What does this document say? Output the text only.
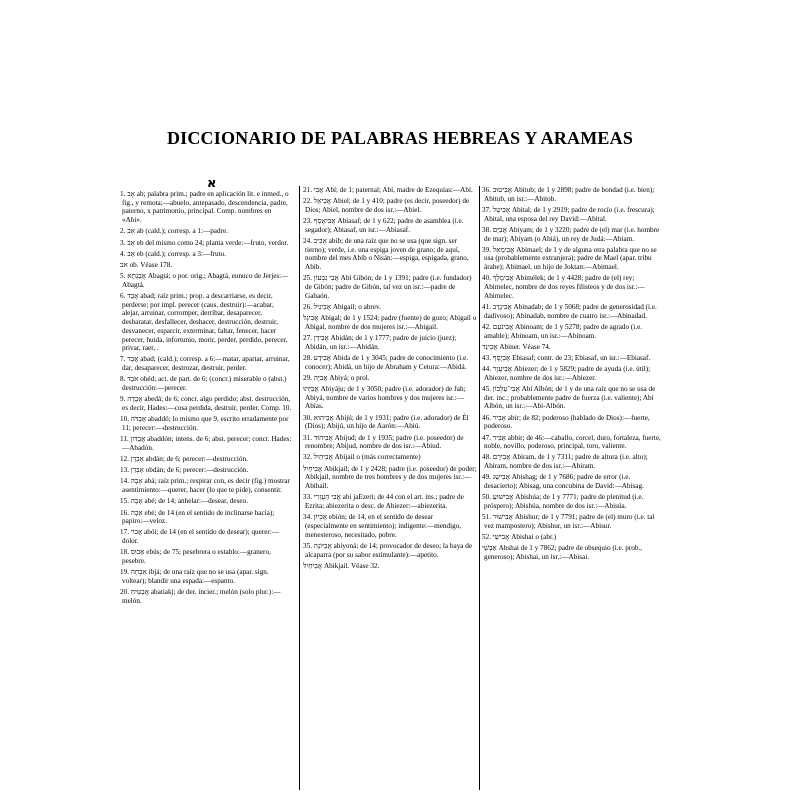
DICCIONARIO DE PALABRAS HEBREAS Y ARAMEAS
א
1. אָב ab; palabra prim.; padre en aplicación lit. e inmed., o fig., y remota;—abuelo, antepasado, descendencia, padre, paterno, x patrimonio, principal. Comp. nombres en «Abi».
2. אַב ab (cald.); corresp. a 1:—padre.
3. אֵב eb del mismo como 24; planta verde:—fruto, verdor.
4. אֵב eb (cald.); corresp. a 3:—fruto.
אֹב ob. Véase 178.
5. אֲבַגְתָא Abagtá; o por. orig.; Abagtá, eunuco de Jerjes:—Abagtá.
6. אָבַד abad; raíz prim.; prop. a descarriarse, es decir, perderse; por impl. perecer (caus. destruir):—acabar, alejar, arruinar, corromper, derribar, desaparecer, desbaratar, desfallecer, deshacer, destrucción, destruir, desvanecer, esparcir, exterminar, faltar, fenecer, hacer perecer, huida, infortunio, morir, perder, perdido, perecer, privar, raer, .
7. אֲבַד abad; (cald.); corresp. a 6:—matar, apartar, arruinar, dar, desaparecer, destrozar, destruir, perder.
8. אֹבֵד obéd; act. de part. de 6; (concr.) miserable o (abst.) destrucción:—perecer.
9. אֲבֵדָה abedá; de 6; concr. algo perdido; abst. destrucción, es decir, Hades:—cosa perdida, destruir, perder. Comp. 10.
10. אֲבַדֹּה abaddó; lo mismo que 9, escrito erradamente por 11; perecer:—destrucción.
11. אֲבַדּוֹן abaddón; intens. de 6; abst. perecer; concr. Hades:—Abadón.
12. אַבְדָן abdán; de 6; perecer:—destrucción.
13. אָבְדַן obdán; de 6; perecer:—destrucción.
14. אָבָה abá; raíz prim.; respirar con, es decir (fig.) mostrar asentimiento:—querer, hacer (lo que te pide), consentir.
15. אָבֶה abé; de 14; anhelar:—desear, deseo.
16. אֵבֶה ebé; de 14 (en el sentido de inclinarse hacia); papiro:—veloz.
17. אֲבוֹי abói; de 14 (en el sentido de desear); querer:—dolor.
18. אֵבוּס ebús; de 75; pesebrera o establo:—granero, pesebre.
19. אִבְחָה ibjá; de una raíz que no se usa (apar. sign. voltear); blandir una espada:—espanto.
20. אֲבַטִּיחַ abatiakj; de der. incier.; melón (solo plur.):—melón.
21. אֲבִי Abí; de 1; paternal; Abí, madre de Ezequías:—Abí.
22. אֲבִיאֵל Abiel; de 1 y 410; padre (es decir, poseedor) de Dios; Abiel, nombre de dos isr.:—Abiel.
23. אֲבִיאָסָף Abiasaf; de 1 y 622; padre de asamblea (i.e. segador); Abiasaf, un isr.:—Abiasaf.
24. אָבִיב abib; de una raíz que no se usa (que sign. ser tierno); verde, i.e. una espiga joven de grano; de aquí, nombre del mes Abib o Nisán:—espiga, espigada, grano, Abib.
25. אֲבִי גִבְעוֹן Abí Gibón; de 1 y 1391; padre (i.e. fundador) de Gibón; padre de Gibón, tal vez un isr.:—padre de Gabaón.
26. אֲבִיגַיִל Abigail; o abrev.
אֲבִיגַל Abigal; de 1 y 1524; padre (fuente) de gozo; Abigail o Abigal, nombre de dos mujeres isr.:—Abigail.
27. אֲבִידָן Abidán; de 1 y 1777; padre de juicio (juez); Abidán, un isr.:—Abidán.
28. אֲבִידָע Abida de 1 y 3045; padre de conocimiento (i.e. conocer); Abidá, un hijo de Abraham y Cetura:—Abidá.
29. אֲבִיָּה Abiyá; o prol.
אֲבִיָּהוּ Abiyáju; de 1 y 3050; padre (i.e. adorador) de Jah; Abiyá, nombre de varios hombres y dos mujeres isr.:—Abías.
30. אֲבִיהוּא Abijú; de 1 y 1931; padre (i.e. adorador) de Él (Dios); Abijú, un hijo de Aarón:—Abiú.
31. אֲבִיהוּד Abijud; de 1 y 1935; padre (i.e. poseedor) de renombre; Abijud, nombre de dos isr.:—Abiud.
32. אֲבִיהַיִל Abijail o (más correctamente)
אֲבִיחַיִל Abikjail; de 1 y 2428; padre (i.e. poseedor) de poder; Abikjail, nombre de tres hombres y de dos mujeres isr.:—Abihail.
33. אֲבִי הָעֶזְרִי abi jaEzeri; de 44 con el art. ins.; padre de Ezrita; abiezerita o desc. de Abiezer:—abiezerita.
34. אֶבְיוֹן ebión; de 14, en el sentido de desear (especialmente en sentimiento); indigente:—mendigo, menesteroso, necesitado, pobre.
35. אֲבִיּוֹנָה abiyoná; de 14; provocador de deseo; la baya de alcaparra (por su sabor estimulante):—apetito.
אֲבִיחַיִל Abikjail. Véase 32.
36. אֲבִיטוּב Abitub; de 1 y 2898; padre de bondad (i.e. bien); Abitub, un isr.:—Abitob.
37. אֲבִיטַל Abital; de 1 y 2919; padre de rocío (i.e. frescura); Abital, una esposa del rey David:—Abital.
38. אֲבִיָּם Abiyam; de 1 y 3220; padre de (el) mar (i.e. hombre de mar); Abiyam (o Abiá), un rey de Judá:—Abiam.
39. אֲבִימָאֵל Abimael; de 1 y de alguna otra palabra que no se usa (probablemente extranjera); padre de Mael (apar. tribu árabe); Abimael, un hijo de Joktan:—Abimael.
40. אֲבִימֶלֶךְ Abimélek; de 1 y 4428; padre de (el) rey; Abimelec, nombre de dos reyes filisteos y de dos isr.:—Abimelec.
41. אֲבִינָדָב Abinadab; de 1 y 5068; padre de generosidad (i.e. dadivoso); Abinadab, nombre de cuatro isr.:—Abinadad.
42. אֲבִינֹעַם Abinoam; de 1 y 5278; padre de agrado (i.e. amable); Abinoam, un isr.:—Abinoam.
אֲבִינֵר Abiner. Véase 74.
43. אֶבְיָסָף Ebiasaf; contr. de 23; Ebiasaf, un isr.:—Ebiasaf.
44. אֲבִיעֶזֶר Abiezer; de 1 y 5829; padre de ayuda (i.e. útil); Abiezer, nombre de dos isr.:—Abiezer.
45. אֲבִי־עַלְבוֹן Abí Albón; de 1 y de una raíz que no se usa de der. inc.; probablemente padre de fuerza (i.e. valiente); Abí Albón, un isr.:—Abi-Albón.
46. אָבִיר abir; de 82; poderoso (hablado de Dios):—fuerte, poderoso.
47. אַבִּיר abbir; de 46:—caballo, corcel, duro, fortaleza, fuerte, noble, novillo, poderoso, principal, toro, valiente.
48. אֲבִירָם Abiram, de 1 y 7311; padre de altura (i.e. alto); Abiram, nombre de dos isr.:—Abiram.
49. אֲבִישַׁג Abishag; de 1 y 7686; padre de error (i.e. desacierto); Abisag, una concubina de David:—Abisag.
50. אֲבִישׁוּעַ Abishúa; de 1 y 7771; padre de plenitud (i.e. próspero); Abishúa, nombre de dos isr.:—Abisúa.
51. אֲבִישׁוּר Abishur; de 1 y 7791; padre de (el) muro (i.e. tal vez mampostero); Abishur, un isr.:—Abisur.
52. אֲבִישַׁי Abishai o (abr.)
אַבְשַׁי Abshai de 1 y 7862; padre de obsequio (i.e. prob., generoso); Abishai, un isr.:—Abisai.
